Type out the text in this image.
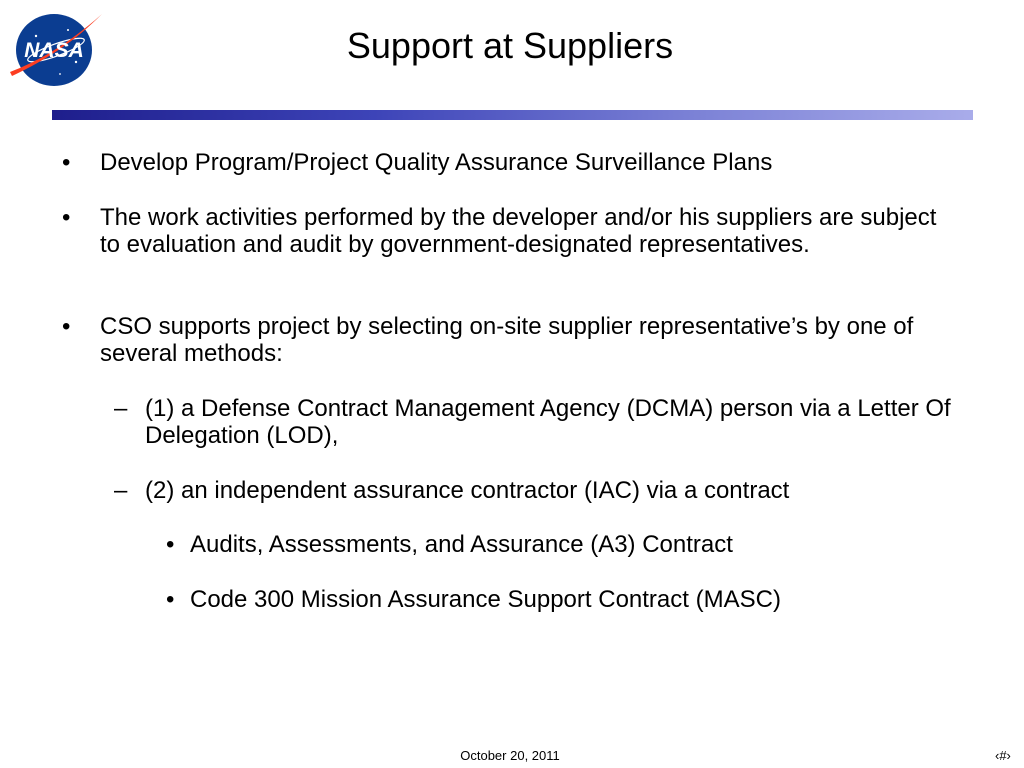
NASA	Support at Suppliers
• Develop Program/Project Quality Assurance Surveillance Plans
• The work activities performed by the developer and/or his suppliers are subject to evaluation and audit by government-designated representatives.
• CSO supports project by selecting on-site supplier representative’s by one of several methods:
– (1) a Defense Contract Management Agency (DCMA) person via a Letter Of Delegation (LOD),
– (2) an independent assurance contractor (IAC) via a contract
• Audits, Assessments, and Assurance (A3) Contract
• Code 300 Mission Assurance Support Contract (MASC)
October 20, 2011	‹#›
